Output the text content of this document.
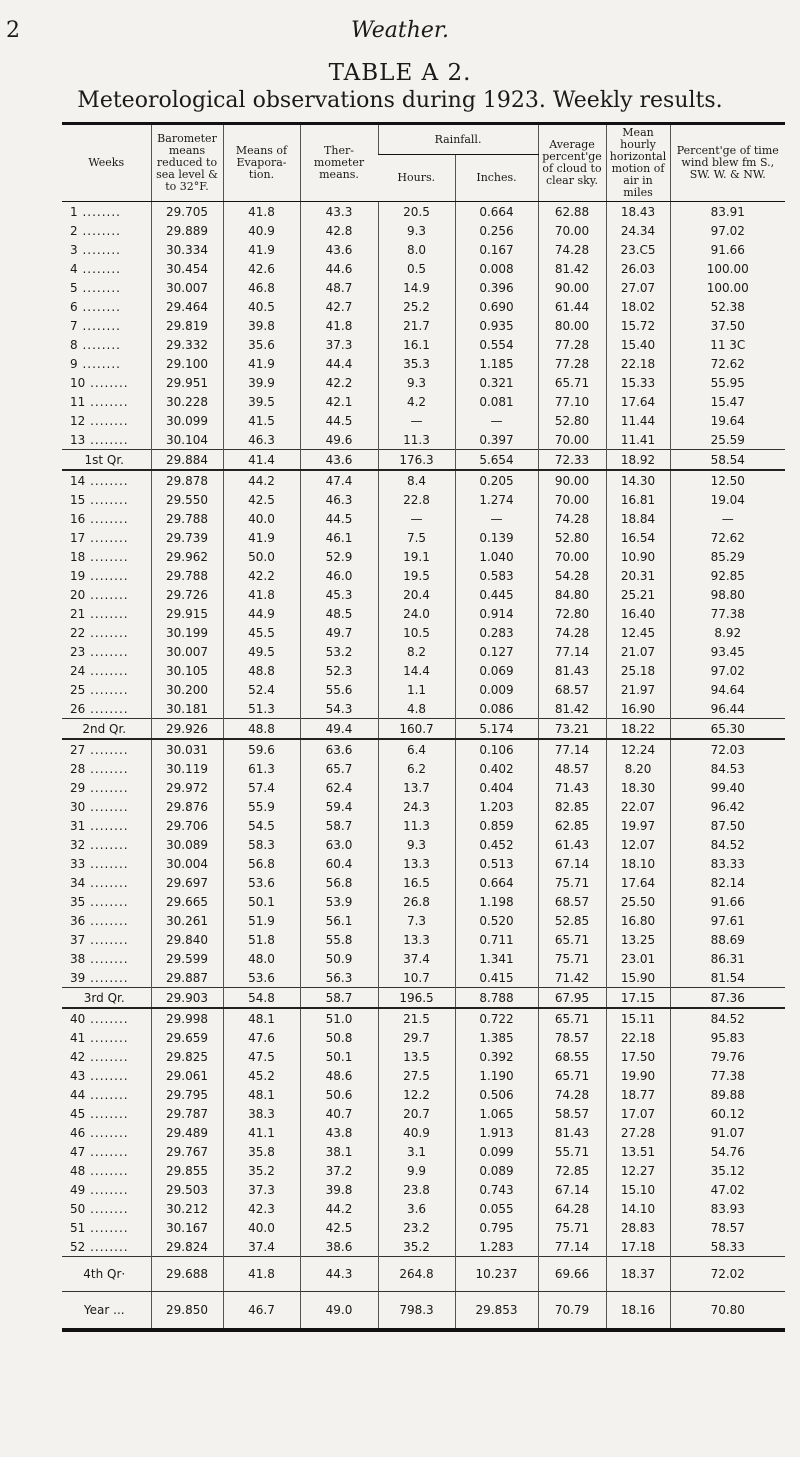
2	Weather.
TABLE A 2.
Meteorological observations during 1923. Weekly results.
Weeks	Barometer means reduced to sea level & to 32°F.	Means of Evapora-tion.	Ther-mometer means.	Rainfall.		Average percent'ge of cloud to clear sky.	Mean hourly horizontal motion of air in miles	Percent'ge of time wind blew fm S., SW. W. & NW.
				Hours.	Inches.			
1 .....	29.705	41.8	43.3	20.5	0.664	62.88	18.43	83.91
2 .....	29.889	40.9	42.8	9.3	0.256	70.00	24.34	97.02
3 .....	30.334	41.9	43.6	8.0	0.167	74.28	23.C5	91.66
4 .....	30.454	42.6	44.6	0.5	0.008	81.42	26.03	100.00
5 .....	30.007	46.8	48.7	14.9	0.396	90.00	27.07	100.00
6 .....	29.464	40.5	42.7	25.2	0.690	61.44	18.02	52.38
7 .....	29.819	39.8	41.8	21.7	0.935	80.00	15.72	37.50
8 .....	29.332	35.6	37.3	16.1	0.554	77.28	15.40	11 3C
9 .....	29.100	41.9	44.4	35.3	1.185	77.28	22.18	72.62
10 .....	29.951	39.9	42.2	9.3	0.321	65.71	15.33	55.95
11 .....	30.228	39.5	42.1	4.2	0.081	77.10	17.64	15.47
12 .....	30.099	41.5	44.5	—	—	52.80	11.44	19.64
13 .....	30.104	46.3	49.6	11.3	0.397	70.00	11.41	25.59
1st Qr.	29.884	41.4	43.6	176.3	5.654	72.33	18.92	58.54
14 .....	29.878	44.2	47.4	8.4	0.205	90.00	14.30	12.50
15 .....	29.550	42.5	46.3	22.8	1.274	70.00	16.81	19.04
16 .....	29.788	40.0	44.5	—	—	74.28	18.84	—
17 .....	29.739	41.9	46.1	7.5	0.139	52.80	16.54	72.62
18 .....	29.962	50.0	52.9	19.1	1.040	70.00	10.90	85.29
19 .....	29.788	42.2	46.0	19.5	0.583	54.28	20.31	92.85
20 .....	29.726	41.8	45.3	20.4	0.445	84.80	25.21	98.80
21 .....	29.915	44.9	48.5	24.0	0.914	72.80	16.40	77.38
22 .....	30.199	45.5	49.7	10.5	0.283	74.28	12.45	8.92
23 .....	30.007	49.5	53.2	8.2	0.127	77.14	21.07	93.45
24 .....	30.105	48.8	52.3	14.4	0.069	81.43	25.18	97.02
25 .....	30.200	52.4	55.6	1.1	0.009	68.57	21.97	94.64
26 .....	30.181	51.3	54.3	4.8	0.086	81.42	16.90	96.44
2nd Qr.	29.926	48.8	49.4	160.7	5.174	73.21	18.22	65.30
27 .....	30.031	59.6	63.6	6.4	0.106	77.14	12.24	72.03
28 .....	30.119	61.3	65.7	6.2	0.402	48.57	8.20	84.53
29 .....	29.972	57.4	62.4	13.7	0.404	71.43	18.30	99.40
30 .....	29.876	55.9	59.4	24.3	1.203	82.85	22.07	96.42
31 .....	29.706	54.5	58.7	11.3	0.859	62.85	19.97	87.50
32 .....	30.089	58.3	63.0	9.3	0.452	61.43	12.07	84.52
33 .....	30.004	56.8	60.4	13.3	0.513	67.14	18.10	83.33
34 .....	29.697	53.6	56.8	16.5	0.664	75.71	17.64	82.14
35 .....	29.665	50.1	53.9	26.8	1.198	68.57	25.50	91.66
36 .....	30.261	51.9	56.1	7.3	0.520	52.85	16.80	97.61
37 .....	29.840	51.8	55.8	13.3	0.711	65.71	13.25	88.69
38 .....	29.599	48.0	50.9	37.4	1.341	75.71	23.01	86.31
39 .....	29.887	53.6	56.3	10.7	0.415	71.42	15.90	81.54
3rd Qr.	29.903	54.8	58.7	196.5	8.788	67.95	17.15	87.36
40 .....	29.998	48.1	51.0	21.5	0.722	65.71	15.11	84.52
41 .....	29.659	47.6	50.8	29.7	1.385	78.57	22.18	95.83
42 .....	29.825	47.5	50.1	13.5	0.392	68.55	17.50	79.76
43 .....	29.061	45.2	48.6	27.5	1.190	65.71	19.90	77.38
44 .....	29.795	48.1	50.6	12.2	0.506	74.28	18.77	89.88
45 .....	29.787	38.3	40.7	20.7	1.065	58.57	17.07	60.12
46 .....	29.489	41.1	43.8	40.9	1.913	81.43	27.28	91.07
47 .....	29.767	35.8	38.1	3.1	0.099	55.71	13.51	54.76
48 .....	29.855	35.2	37.2	9.9	0.089	72.85	12.27	35.12
49 .....	29.503	37.3	39.8	23.8	0.743	67.14	15.10	47.02
50 .....	30.212	42.3	44.2	3.6	0.055	64.28	14.10	83.93
51 .....	30.167	40.0	42.5	23.2	0.795	75.71	28.83	78.57
52 .....	29.824	37.4	38.6	35.2	1.283	77.14	17.18	58.33
4th Qr·	29.688	41.8	44.3	264.8	10.237	69.66	18.37	72.02
Year ...	29.850	46.7	49.0	798.3	29.853	70.79	18.16	70.80
